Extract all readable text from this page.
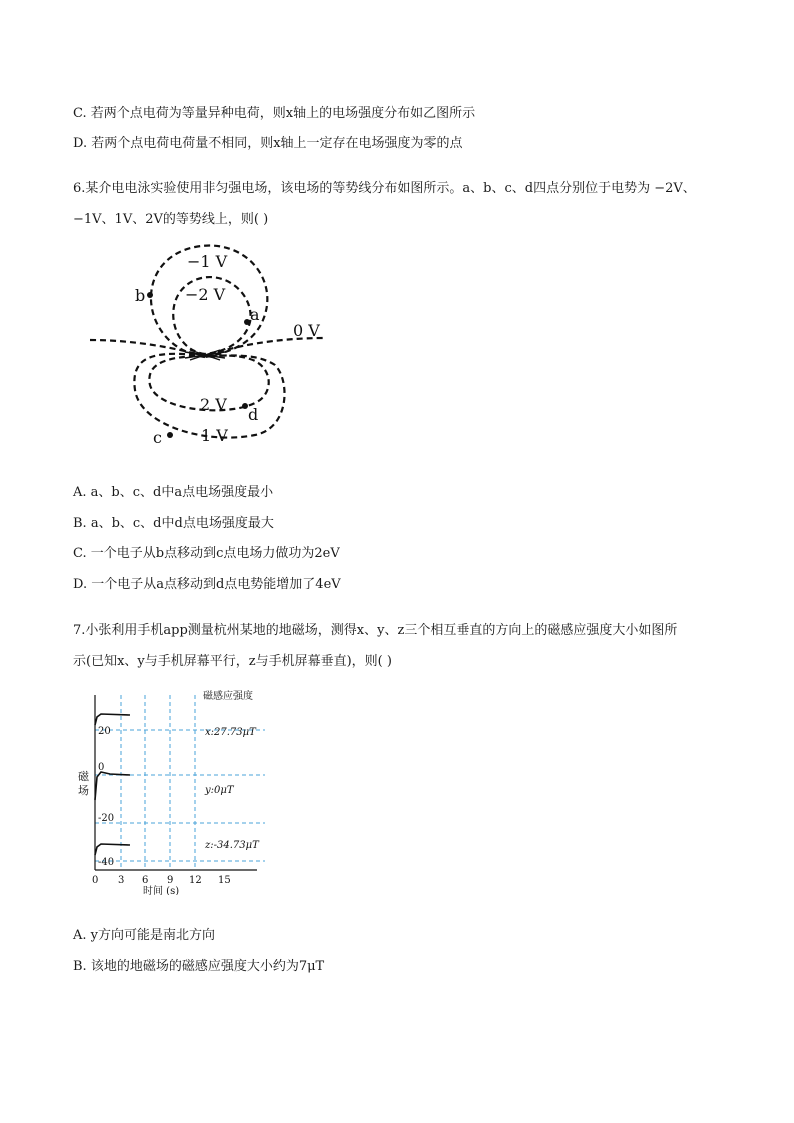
C. 若两个点电荷为等量异种电荷，则x轴上的电场强度分布如乙图所示
D. 若两个点电荷电荷量不相同，则x轴上一定存在电场强度为零的点
6.某介电电泳实验使用非匀强电场，该电场的等势线分布如图所示。a、b、c、d四点分别位于电势为 −2V、
−1V、1V、2V的等势线上，则( )
−1 V
−2 V
0 V
2 V
1 V
a
b
c
d
A. a、b、c、d中a点电场强度最小
B. a、b、c、d中d点电场强度最大
C. 一个电子从b点移动到c点电场力做功为2eV
D. 一个电子从a点移动到d点电势能增加了4eV
7.小张利用手机app测量杭州某地的地磁场，测得x、y、z三个相互垂直的方向上的磁感应强度大小如图所
示(已知x、y与手机屏幕平行，z与手机屏幕垂直)，则( )
磁感应强度
x:27.73μT
y:0μT
z:-34.73μT
20
0
-20
-40
0 3 6 9 12 15
时间 (s)
磁
场
A. y方向可能是南北方向
B. 该地的地磁场的磁感应强度大小约为7μT
